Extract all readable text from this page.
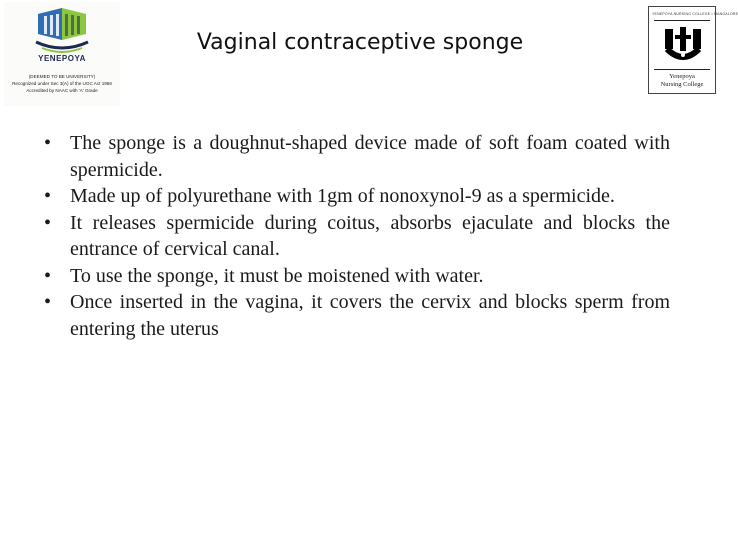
YENEPOYA
(DEEMED TO BE UNIVERSITY)
Recognized under Sec 3(A) of the UGC Act 1956
Accredited by NAAC with 'A' Grade
Vaginal contraceptive sponge
YENEPOYA NURSING COLLEGE • MANGALORE
Yenepoya
Nursing College
• The sponge is a doughnut-shaped device made of soft foam coated with spermicide.
• Made up of polyurethane with 1gm of nonoxynol-9 as a spermicide.
• It releases spermicide during coitus, absorbs ejaculate and blocks the entrance of cervical canal.
• To use the sponge, it must be moistened with water.
• Once inserted in the vagina, it covers the cervix and blocks sperm from entering the uterus
